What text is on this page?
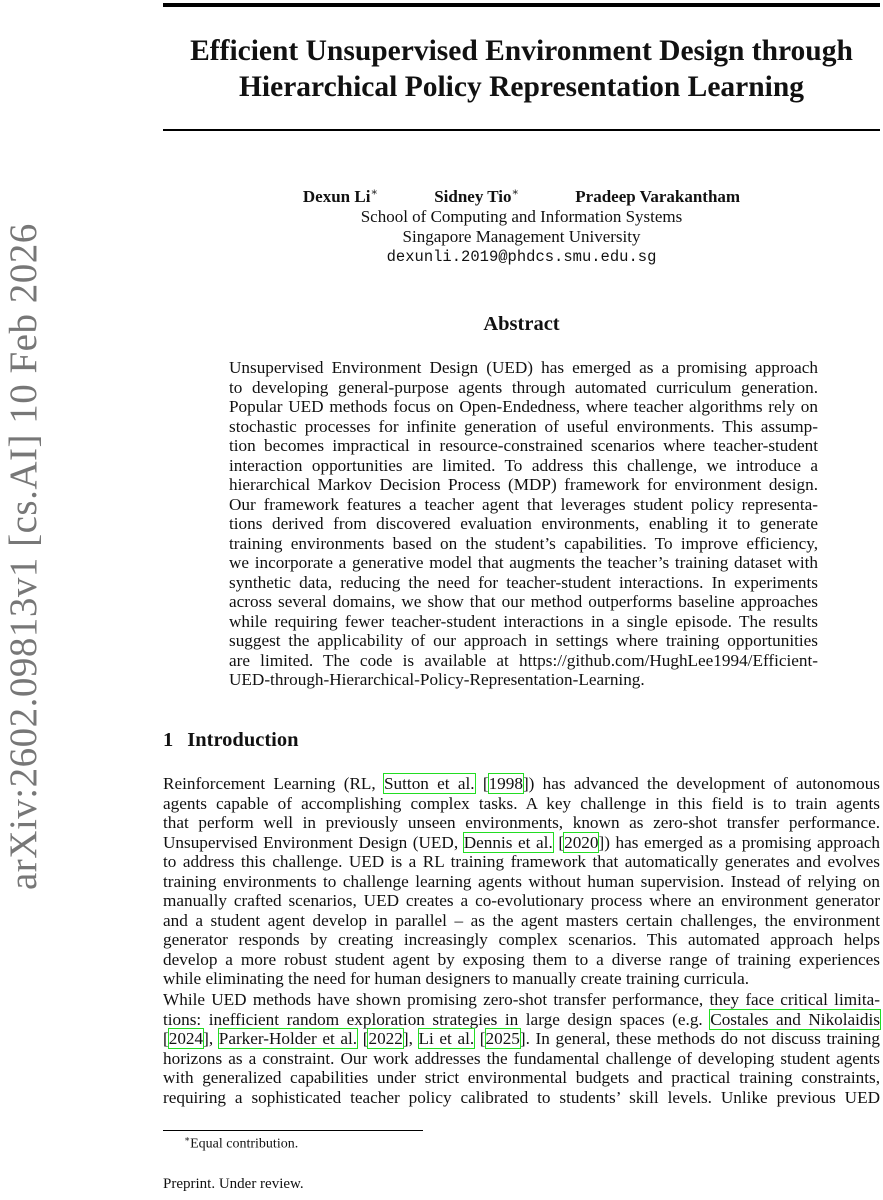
arXiv:2602.09813v1 [cs.AI] 10 Feb 2026
Efficient Unsupervised Environment Design through
Hierarchical Policy Representation Learning
Dexun Li∗	Sidney Tio∗	Pradeep Varakantham
School of Computing and Information Systems
Singapore Management University
dexunli.2019@phdcs.smu.edu.sg
Abstract
Unsupervised Environment Design (UED) has emerged as a promising approach
to developing general-purpose agents through automated curriculum generation.
Popular UED methods focus on Open-Endedness, where teacher algorithms rely on
stochastic processes for infinite generation of useful environments. This assump-
tion becomes impractical in resource-constrained scenarios where teacher-student
interaction opportunities are limited. To address this challenge, we introduce a
hierarchical Markov Decision Process (MDP) framework for environment design.
Our framework features a teacher agent that leverages student policy representa-
tions derived from discovered evaluation environments, enabling it to generate
training environments based on the student’s capabilities. To improve efficiency,
we incorporate a generative model that augments the teacher’s training dataset with
synthetic data, reducing the need for teacher-student interactions. In experiments
across several domains, we show that our method outperforms baseline approaches
while requiring fewer teacher-student interactions in a single episode. The results
suggest the applicability of our approach in settings where training opportunities
are limited. The code is available at https://github.com/HughLee1994/Efficient-
UED-through-Hierarchical-Policy-Representation-Learning.
1 Introduction
Reinforcement Learning (RL, Sutton et al. [1998]) has advanced the development of autonomous
agents capable of accomplishing complex tasks. A key challenge in this field is to train agents
that perform well in previously unseen environments, known as zero-shot transfer performance.
Unsupervised Environment Design (UED, Dennis et al. [2020]) has emerged as a promising approach
to address this challenge. UED is a RL training framework that automatically generates and evolves
training environments to challenge learning agents without human supervision. Instead of relying on
manually crafted scenarios, UED creates a co-evolutionary process where an environment generator
and a student agent develop in parallel – as the agent masters certain challenges, the environment
generator responds by creating increasingly complex scenarios. This automated approach helps
develop a more robust student agent by exposing them to a diverse range of training experiences
while eliminating the need for human designers to manually create training curricula.
While UED methods have shown promising zero-shot transfer performance, they face critical limita-
tions: inefficient random exploration strategies in large design spaces (e.g. Costales and Nikolaidis
[2024], Parker-Holder et al. [2022], Li et al. [2025]. In general, these methods do not discuss training
horizons as a constraint. Our work addresses the fundamental challenge of developing student agents
with generalized capabilities under strict environmental budgets and practical training constraints,
requiring a sophisticated teacher policy calibrated to students’ skill levels. Unlike previous UED
∗Equal contribution.
Preprint. Under review.
